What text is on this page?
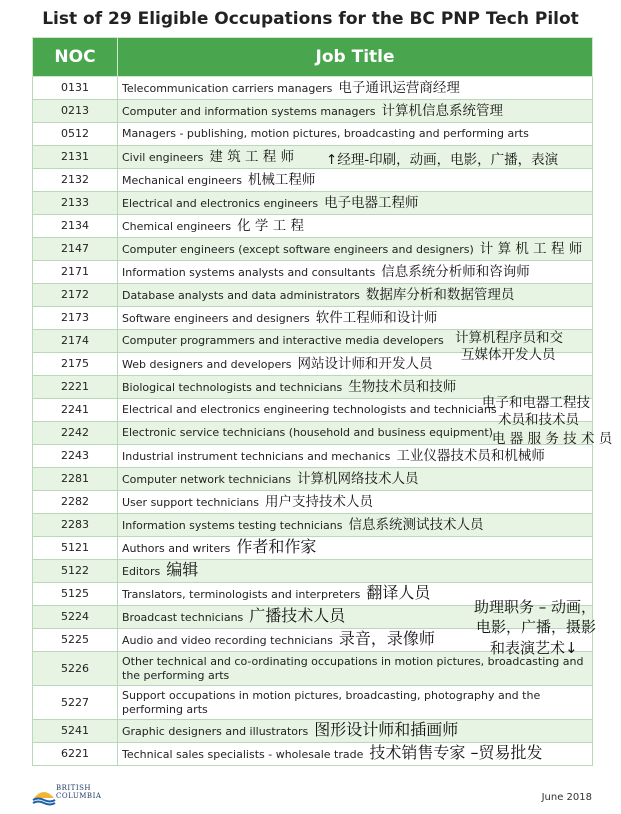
List of 29 Eligible Occupations for the BC PNP Tech Pilot
NOC	Job Title
0131	Telecommunication carriers managers 电子通讯运营商经理
0213	Computer and information systems managers 计算机信息系统管理
0512	Managers - publishing, motion pictures, broadcasting and performing arts
2131	Civil engineers 建 筑 工 程 师
2132	Mechanical engineers 机械工程师
2133	Electrical and electronics engineers 电子电器工程师
2134	Chemical engineers 化 学 工 程
2147	Computer engineers (except software engineers and designers) 计 算 机 工 程 师
2171	Information systems analysts and consultants 信息系统分析师和咨询师
2172	Database analysts and data administrators 数据库分析和数据管理员
2173	Software engineers and designers 软件工程师和设计师
2174	Computer programmers and interactive media developers
2175	Web designers and developers 网站设计师和开发人员
2221	Biological technologists and technicians 生物技术员和技师
2241	Electrical and electronics engineering technologists and technicians
2242	Electronic service technicians (household and business equipment)
2243	Industrial instrument technicians and mechanics 工业仪器技术员和机械师
2281	Computer network technicians 计算机网络技术人员
2282	User support technicians 用户支持技术人员
2283	Information systems testing technicians 信息系统测试技术人员
5121	Authors and writers 作者和作家
5122	Editors 编辑
5125	Translators, terminologists and interpreters 翻译人员
5224	Broadcast technicians 广播技术人员
5225	Audio and video recording technicians 录音，录像师
5226	Other technical and co-ordinating occupations in motion pictures, broadcasting and the performing arts
5227	Support occupations in motion pictures, broadcasting, photography and the performing arts
5241	Graphic designers and illustrators 图形设计师和插画师
6221	Technical sales specialists - wholesale trade 技术销售专家 –贸易批发
↑经理-印刷，动画，电影，广播，表演
计算机程序员和交
互媒体开发人员
电子和电器工程技
术员和技术员
电 器 服 务 技 术 员
助理职务 – 动画，
电影，广播，摄影
和表演艺术↓
BRITISH
COLUMBIA	June 2018
